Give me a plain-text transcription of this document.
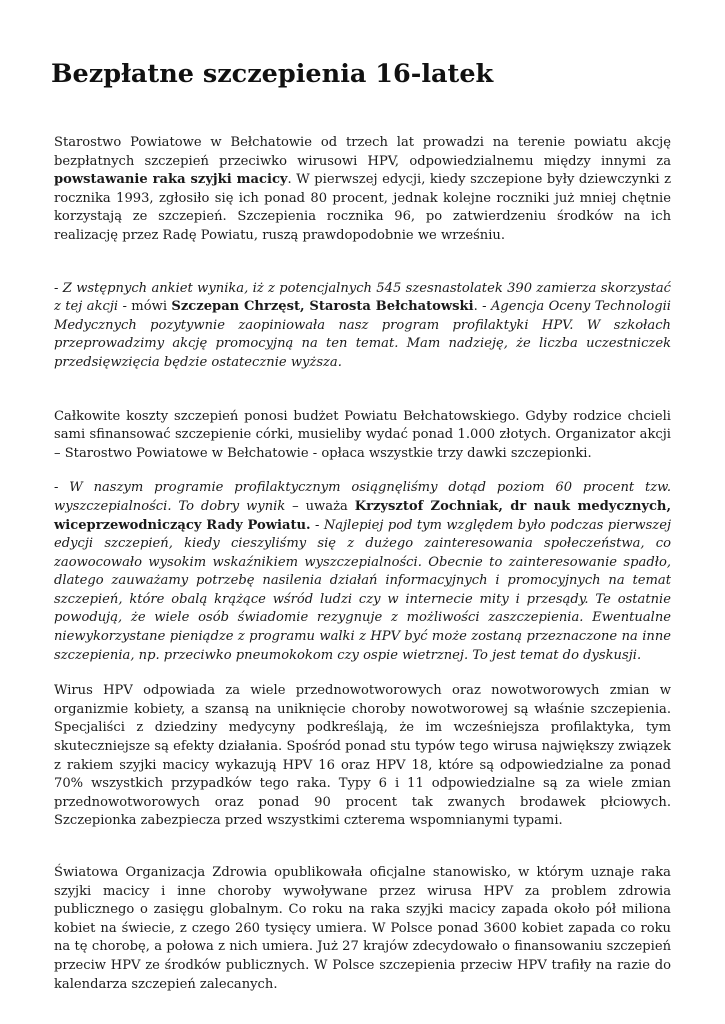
Bezpłatne szczepienia 16-latek

Starostwo Powiatowe w Bełchatowie od trzech lat prowadzi na terenie powiatu akcję bezpłatnych szczepień przeciwko wirusowi HPV, odpowiedzialnemu między innymi za powstawanie raka szyjki macicy. W pierwszej edycji, kiedy szczepione były dziewczynki z rocznika 1993, zgłosiło się ich ponad 80 procent, jednak kolejne roczniki już mniej chętnie korzystają ze szczepień. Szczepienia rocznika 96, po zatwierdzeniu środków na ich realizację przez Radę Powiatu, ruszą prawdopodobnie we wrześniu.

- Z wstępnych ankiet wynika, iż z potencjalnych 545 szesnastolatek 390 zamierza skorzystać z tej akcji - mówi Szczepan Chrzęst, Starosta Bełchatowski. - Agencja Oceny Technologii Medycznych pozytywnie zaopiniowała nasz program profilaktyki HPV. W szkołach przeprowadzimy akcję promocyjną na ten temat. Mam nadzieję, że liczba uczestniczek przedsięwzięcia będzie ostatecznie wyższa.

Całkowite koszty szczepień ponosi budżet Powiatu Bełchatowskiego. Gdyby rodzice chcieli sami sfinansować szczepienie córki, musieliby wydać ponad 1.000 złotych. Organizator akcji – Starostwo Powiatowe w Bełchatowie - opłaca wszystkie trzy dawki szczepionki.

- W naszym programie profilaktycznym osiągnęliśmy dotąd poziom 60 procent tzw. wyszczepialności. To dobry wynik – uważa Krzysztof Zochniak, dr nauk medycznych, wiceprzewodniczący Rady Powiatu. - Najlepiej pod tym względem było podczas pierwszej edycji szczepień, kiedy cieszyliśmy się z dużego zainteresowania społeczeństwa, co zaowocowało wysokim wskaźnikiem wyszczepialności. Obecnie to zainteresowanie spadło, dlatego zauważamy potrzebę nasilenia działań informacyjnych i promocyjnych na temat szczepień, które obalą krążące wśród ludzi czy w internecie mity i przesądy. Te ostatnie powodują, że wiele osób świadomie rezygnuje z możliwości zaszczepienia. Ewentualne niewykorzystane pieniądze z programu walki z HPV być może zostaną przeznaczone na inne szczepienia, np. przeciwko pneumokokom czy ospie wietrznej. To jest temat do dyskusji.

Wirus HPV odpowiada za wiele przednowotworowych oraz nowotworowych zmian w organizmie kobiety, a szansą na uniknięcie choroby nowotworowej są właśnie szczepienia. Specjaliści z dziedziny medycyny podkreślają, że im wcześniejsza profilaktyka, tym skuteczniejsze są efekty działania. Spośród ponad stu typów tego wirusa największy związek z rakiem szyjki macicy wykazują HPV 16 oraz HPV 18, które są odpowiedzialne za ponad 70% wszystkich przypadków tego raka. Typy 6 i 11 odpowiedzialne są za wiele zmian przednowotworowych oraz ponad 90 procent tak zwanych brodawek płciowych. Szczepionka zabezpiecza przed wszystkimi czterema wspomnianymi typami.

Światowa Organizacja Zdrowia opublikowała oficjalne stanowisko, w którym uznaje raka szyjki macicy i inne choroby wywoływane przez wirusa HPV za problem zdrowia publicznego o zasięgu globalnym. Co roku na raka szyjki macicy zapada około pół miliona kobiet na świecie, z czego 260 tysięcy umiera. W Polsce ponad 3600 kobiet zapada co roku na tę chorobę, a połowa z nich umiera. Już 27 krajów zdecydowało o finansowaniu szczepień przeciw HPV ze środków publicznych. W Polsce szczepienia przeciw HPV trafiły na razie do kalendarza szczepień zalecanych.
